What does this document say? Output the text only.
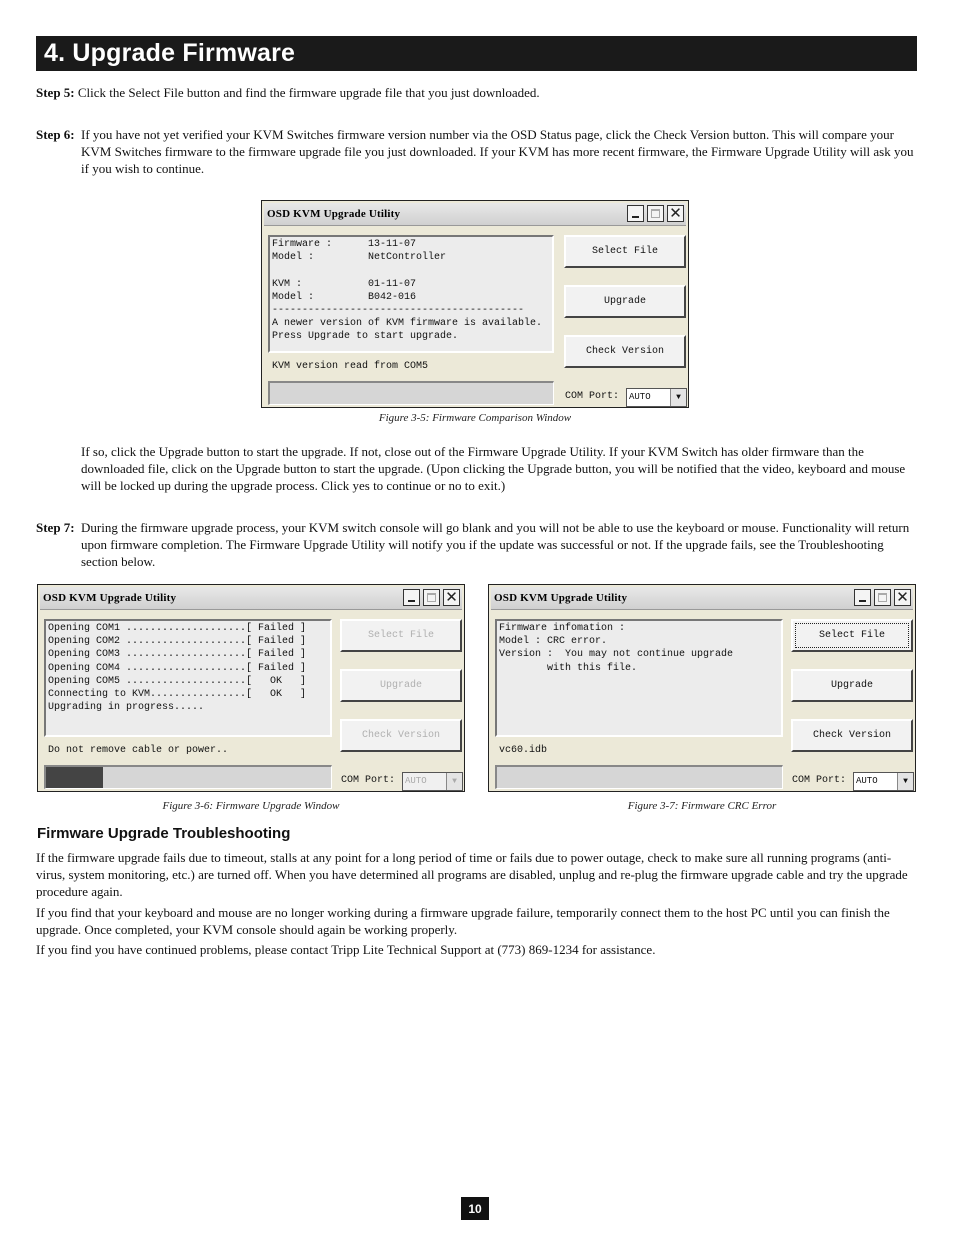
4. Upgrade Firmware
Step 5: Click the Select File button and find the firmware upgrade file that you just downloaded.
Step 6: If you have not yet verified your KVM Switches firmware version number via the OSD Status page, click the Check Version button. This will compare your KVM Switches firmware to the firmware upgrade file you just downloaded. If your KVM has more recent firmware, the Firmware Upgrade Utility will ask you if you wish to continue.
OSD KVM Upgrade Utility	✕
Firmware :      13-11-07
Model :         NetController

KVM :           01-11-07
Model :         B042-016
------------------------------------------
A newer version of KVM firmware is available.
Press Upgrade to start upgrade.
KVM version read from COM5
Select File
Upgrade
Check Version
COM Port:	AUTO	▼
Figure 3-5: Firmware Comparison Window
If so, click the Upgrade button to start the upgrade. If not, close out of the Firmware Upgrade Utility. If your KVM Switch has older firmware than the downloaded file, click on the Upgrade button to start the upgrade. (Upon clicking the Upgrade button, you will be notified that the video, keyboard and mouse will be locked up during the upgrade process. Click yes to continue or no to exit.)
Step 7: During the firmware upgrade process, your KVM switch console will go blank and you will not be able to use the keyboard or mouse. Functionality will return upon firmware completion. The Firmware Upgrade Utility will notify you if the update was successful or not. If the upgrade fails, see the Troubleshooting section below.
OSD KVM Upgrade Utility	✕
Opening COM1 ....................[ Failed ]
Opening COM2 ....................[ Failed ]
Opening COM3 ....................[ Failed ]
Opening COM4 ....................[ Failed ]
Opening COM5 ....................[   OK   ]
Connecting to KVM................[   OK   ]
Upgrading in progress.....
Do not remove cable or power..
Select File
Upgrade
Check Version
COM Port:	AUTO	▼
Figure 3-6: Firmware Upgrade Window
OSD KVM Upgrade Utility	✕
Firmware infomation :
Model : CRC error.
Version :  You may not continue upgrade
with this file.
vc60.idb
Select File
Upgrade
Check Version
COM Port:	AUTO	▼
Figure 3-7: Firmware CRC Error
Firmware Upgrade Troubleshooting
If the firmware upgrade fails due to timeout, stalls at any point for a long period of time or fails due to power outage, check to make sure all running programs (anti-virus, system monitoring, etc.) are turned off. When you have determined all programs are disabled, unplug and re-plug the firmware upgrade cable and try the upgrade procedure again.
If you find that your keyboard and mouse are no longer working during a firmware upgrade failure, temporarily connect them to the host PC until you can finish the upgrade. Once completed, your KVM console should again be working properly.
If you find you have continued problems, please contact Tripp Lite Technical Support at (773) 869-1234 for assistance.
10
